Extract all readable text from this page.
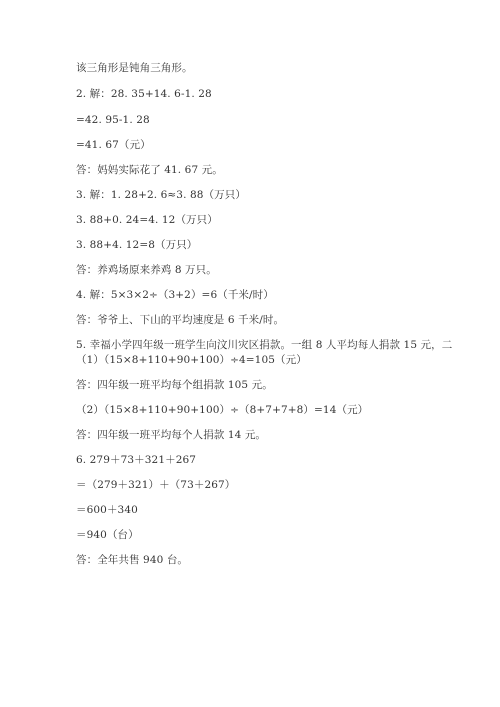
该三角形是钝角三角形。
2. 解：28. 35+14. 6-1. 28
=42. 95-1. 28
=41. 67（元）
答：妈妈实际花了 41. 67 元。
3. 解：1. 28+2. 6≈3. 88（万只）
3. 88+0. 24=4. 12（万只）
3. 88+4. 12=8（万只）
答：养鸡场原来养鸡 8 万只。
4. 解：5×3×2÷（3+2）=6（千米/时）
答：爷爷上、下山的平均速度是 6 千米/时。
5. 幸福小学四年级一班学生向汶川灾区捐款。一组 8 人平均每人捐款 15 元，二
（1）（15×8+110+90+100）÷4=105（元）
答：四年级一班平均每个组捐款 105 元。
（2）（15×8+110+90+100）÷（8+7+7+8）=14（元）
答：四年级一班平均每个人捐款 14 元。
6. 279＋73＋321＋267
＝（279＋321）＋（73＋267）
＝600＋340
＝940（台）
答：全年共售 940 台。
